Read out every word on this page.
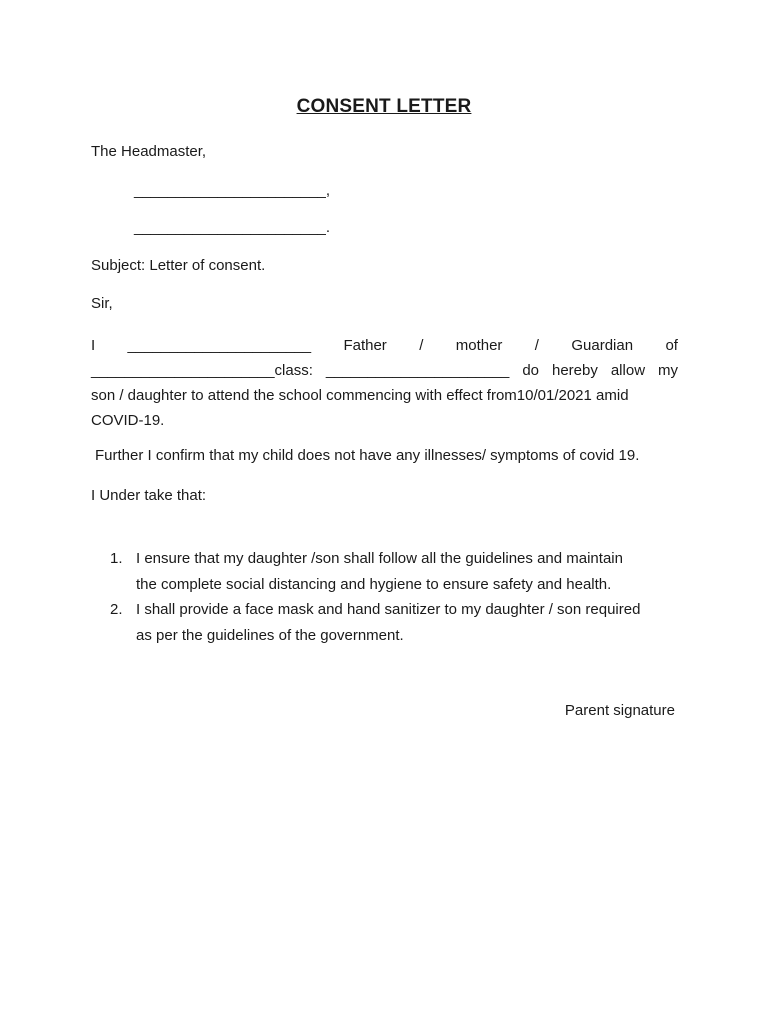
CONSENT LETTER
The Headmaster,
_______________________,
_______________________.
Subject: Letter of consent.
Sir,
I ______________________ Father / mother / Guardian of
______________________class: ______________________ do hereby allow my
son / daughter to attend the school commencing with effect from10/01/2021 amid
COVID-19.
Further I confirm that my child does not have any illnesses/ symptoms of covid 19.
I Under take that:
1. I ensure that my daughter /son shall follow all the guidelines and maintain
the complete social distancing and hygiene to ensure safety and health.
2. I shall provide a face mask and hand sanitizer to my daughter / son required
as per the guidelines of the government.
Parent signature
